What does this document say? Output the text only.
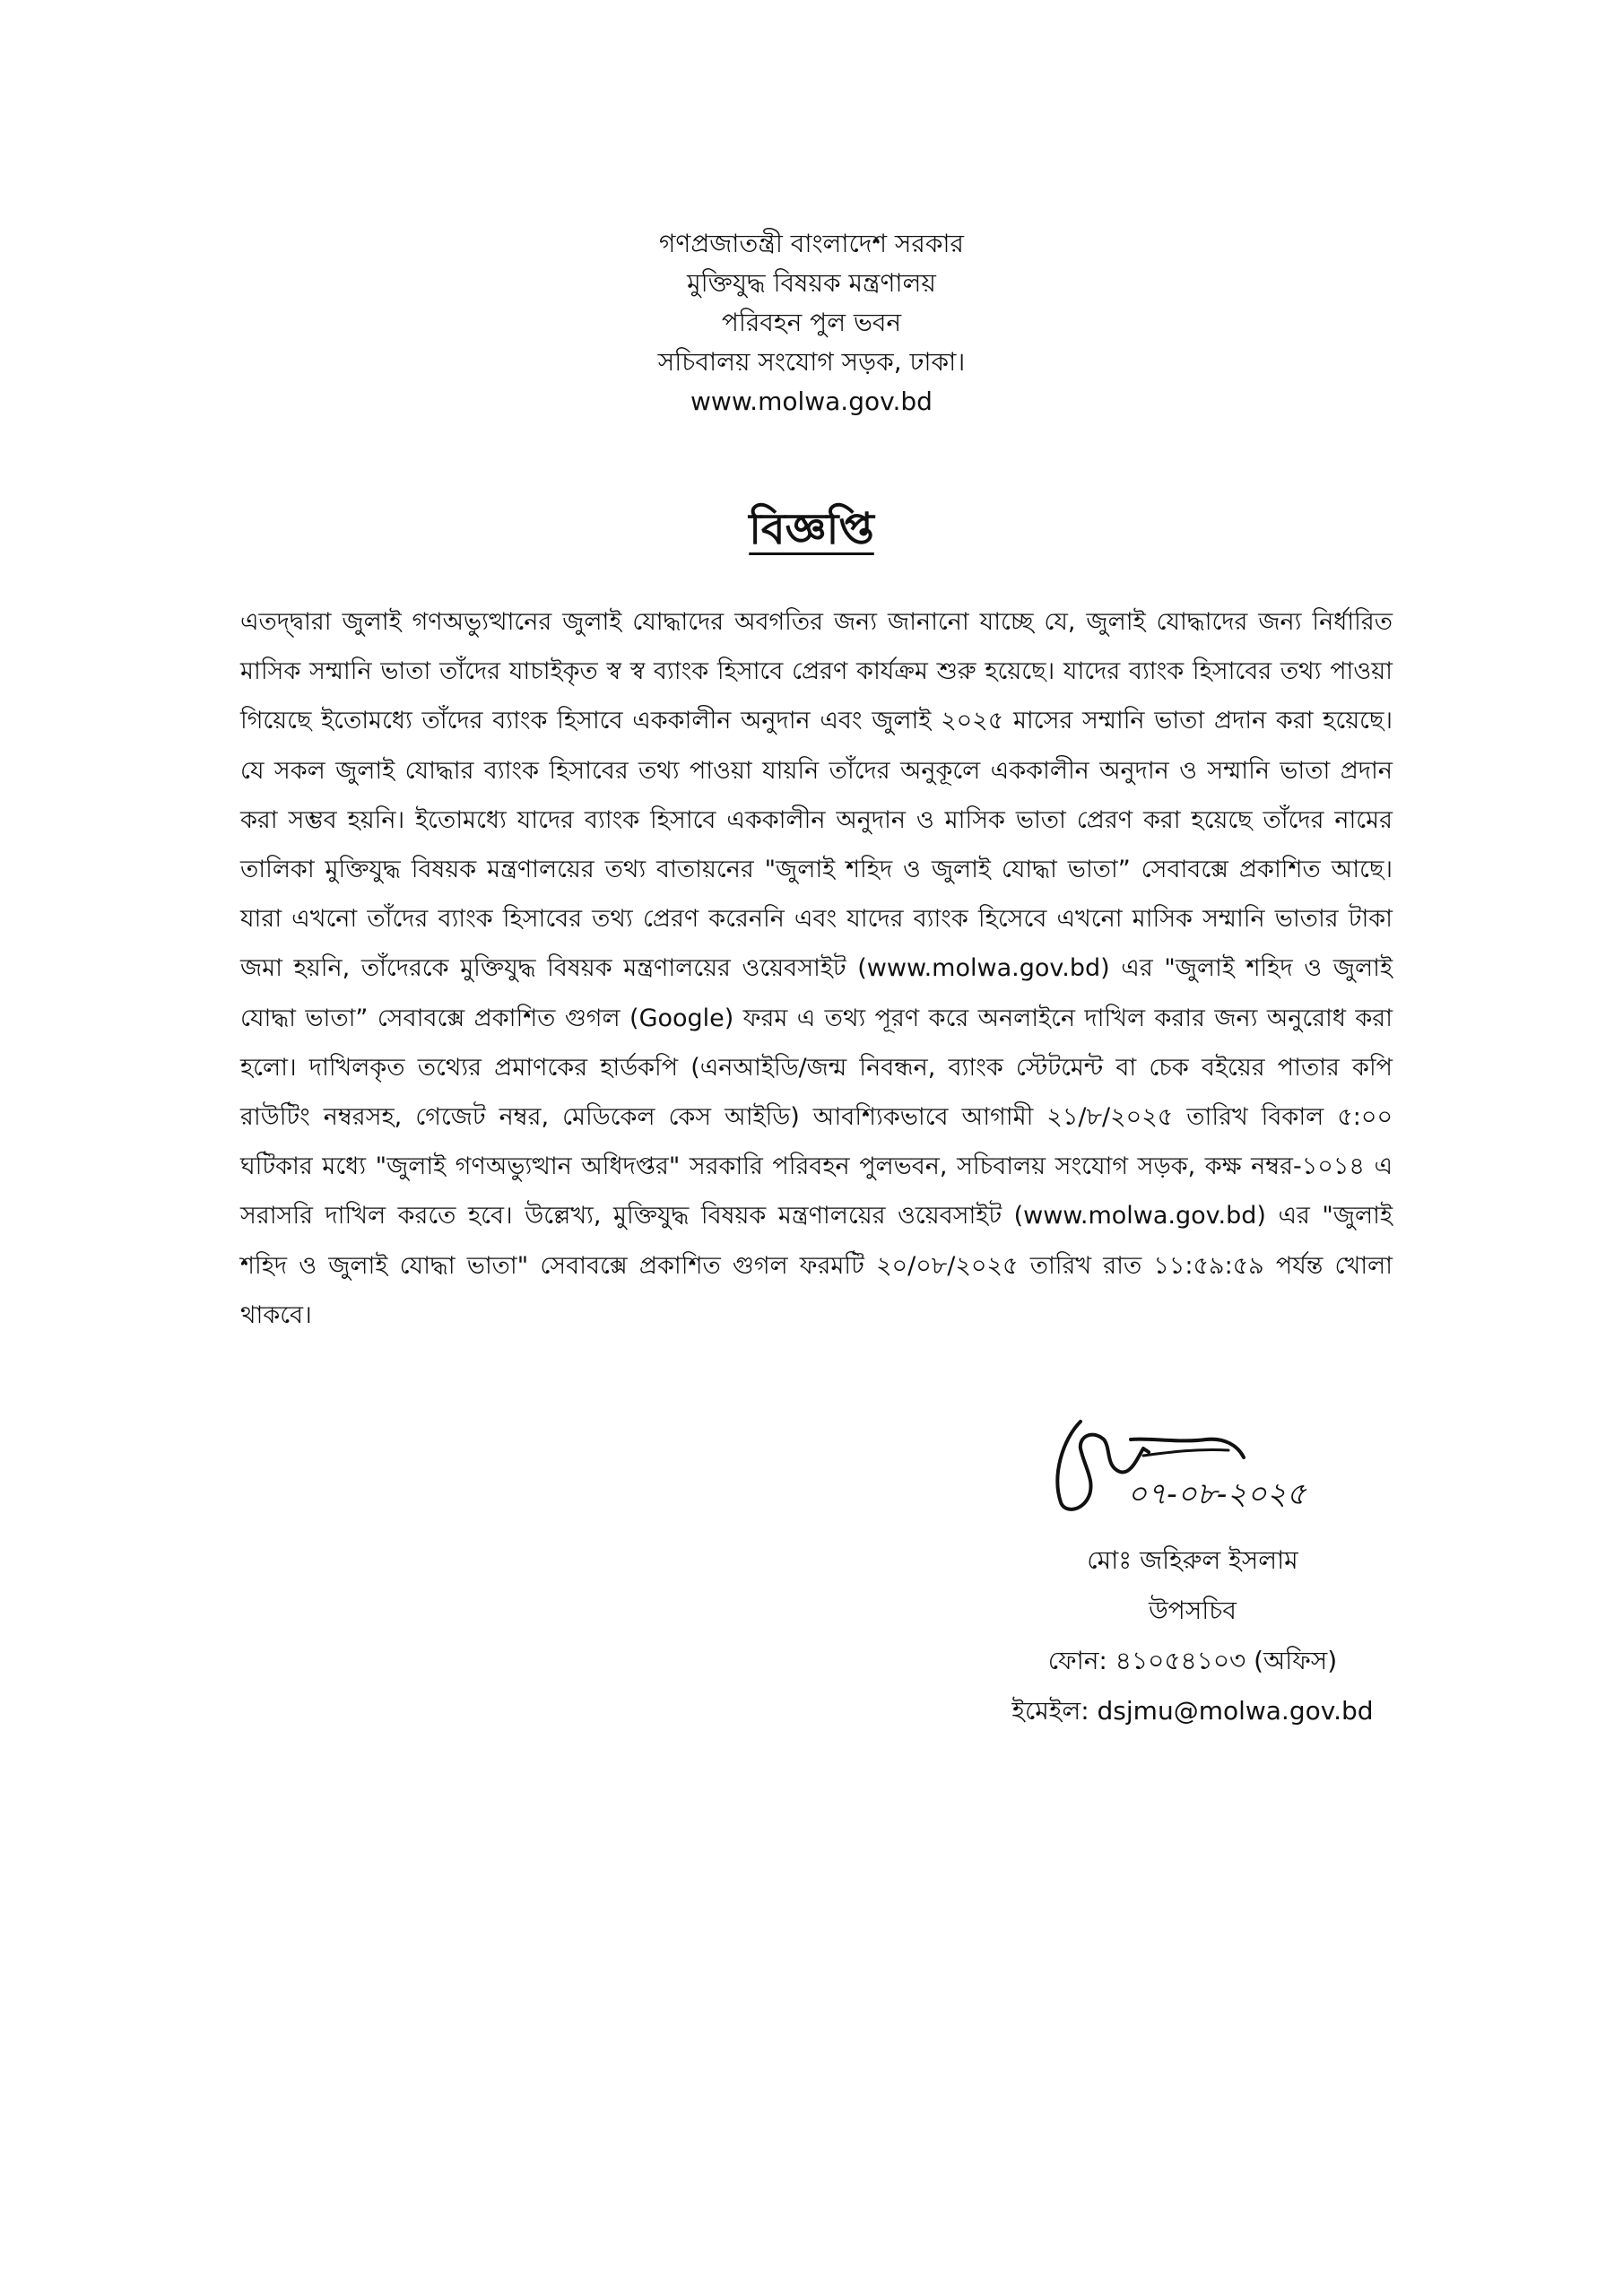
গণপ্রজাতন্ত্রী বাংলাদেশ সরকার
মুক্তিযুদ্ধ বিষয়ক মন্ত্রণালয়
পরিবহন পুল ভবন
সচিবালয় সংযোগ সড়ক, ঢাকা।
www.molwa.gov.bd
বিজ্ঞপ্তি

এতদ্দ্বারা জুলাই গণঅভ্যুত্থানের জুলাই যোদ্ধাদের অবগতির জন্য জানানো যাচ্ছে যে, জুলাই যোদ্ধাদের জন্য নির্ধারিত মাসিক সম্মানি ভাতা তাঁদের যাচাইকৃত স্ব স্ব ব্যাংক হিসাবে প্রেরণ কার্যক্রম শুরু হয়েছে। যাদের ব্যাংক হিসাবের তথ্য পাওয়া গিয়েছে ইতোমধ্যে তাঁদের ব্যাংক হিসাবে এককালীন অনুদান এবং জুলাই ২০২৫ মাসের সম্মানি ভাতা প্রদান করা হয়েছে। যে সকল জুলাই যোদ্ধার ব্যাংক হিসাবের তথ্য পাওয়া যায়নি তাঁদের অনুকূলে এককালীন অনুদান ও সম্মানি ভাতা প্রদান করা সম্ভব হয়নি। ইতোমধ্যে যাদের ব্যাংক হিসাবে এককালীন অনুদান ও মাসিক ভাতা প্রেরণ করা হয়েছে তাঁদের নামের তালিকা মুক্তিযুদ্ধ বিষয়ক মন্ত্রণালয়ের তথ্য বাতায়নের "জুলাই শহিদ ও জুলাই যোদ্ধা ভাতা” সেবাবক্সে প্রকাশিত আছে। যারা এখনো তাঁদের ব্যাংক হিসাবের তথ্য প্রেরণ করেননি এবং যাদের ব্যাংক হিসেবে এখনো মাসিক সম্মানি ভাতার টাকা জমা হয়নি, তাঁদেরকে মুক্তিযুদ্ধ বিষয়ক মন্ত্রণালয়ের ওয়েবসাইট (www.molwa.gov.bd) এর "জুলাই শহিদ ও জুলাই যোদ্ধা ভাতা” সেবাবক্সে প্রকাশিত গুগল (Google) ফরম এ তথ্য পূরণ করে অনলাইনে দাখিল করার জন্য অনুরোধ করা হলো। দাখিলকৃত তথ্যের প্রমাণকের হার্ডকপি (এনআইডি/জন্ম নিবন্ধন, ব্যাংক স্টেটমেন্ট বা চেক বইয়ের পাতার কপি রাউটিং নম্বরসহ, গেজেট নম্বর, মেডিকেল কেস আইডি) আবশ্যিকভাবে আগামী ২১/৮/২০২৫ তারিখ বিকাল ৫:০০ ঘটিকার মধ্যে "জুলাই গণঅভ্যুত্থান অধিদপ্তর" সরকারি পরিবহন পুলভবন, সচিবালয় সংযোগ সড়ক, কক্ষ নম্বর-১০১৪ এ সরাসরি দাখিল করতে হবে। উল্লেখ্য, মুক্তিযুদ্ধ বিষয়ক মন্ত্রণালয়ের ওয়েবসাইট (www.molwa.gov.bd) এর "জুলাই শহিদ ও জুলাই যোদ্ধা ভাতা" সেবাবক্সে প্রকাশিত গুগল ফরমটি ২০/০৮/২০২৫ তারিখ রাত ১১:৫৯:৫৯ পর্যন্ত খোলা থাকবে।

০৭-০৮-২০২৫
মোঃ জহিরুল ইসলাম
উপসচিব
ফোন: ৪১০৫৪১০৩ (অফিস)
ইমেইল: dsjmu@molwa.gov.bd
